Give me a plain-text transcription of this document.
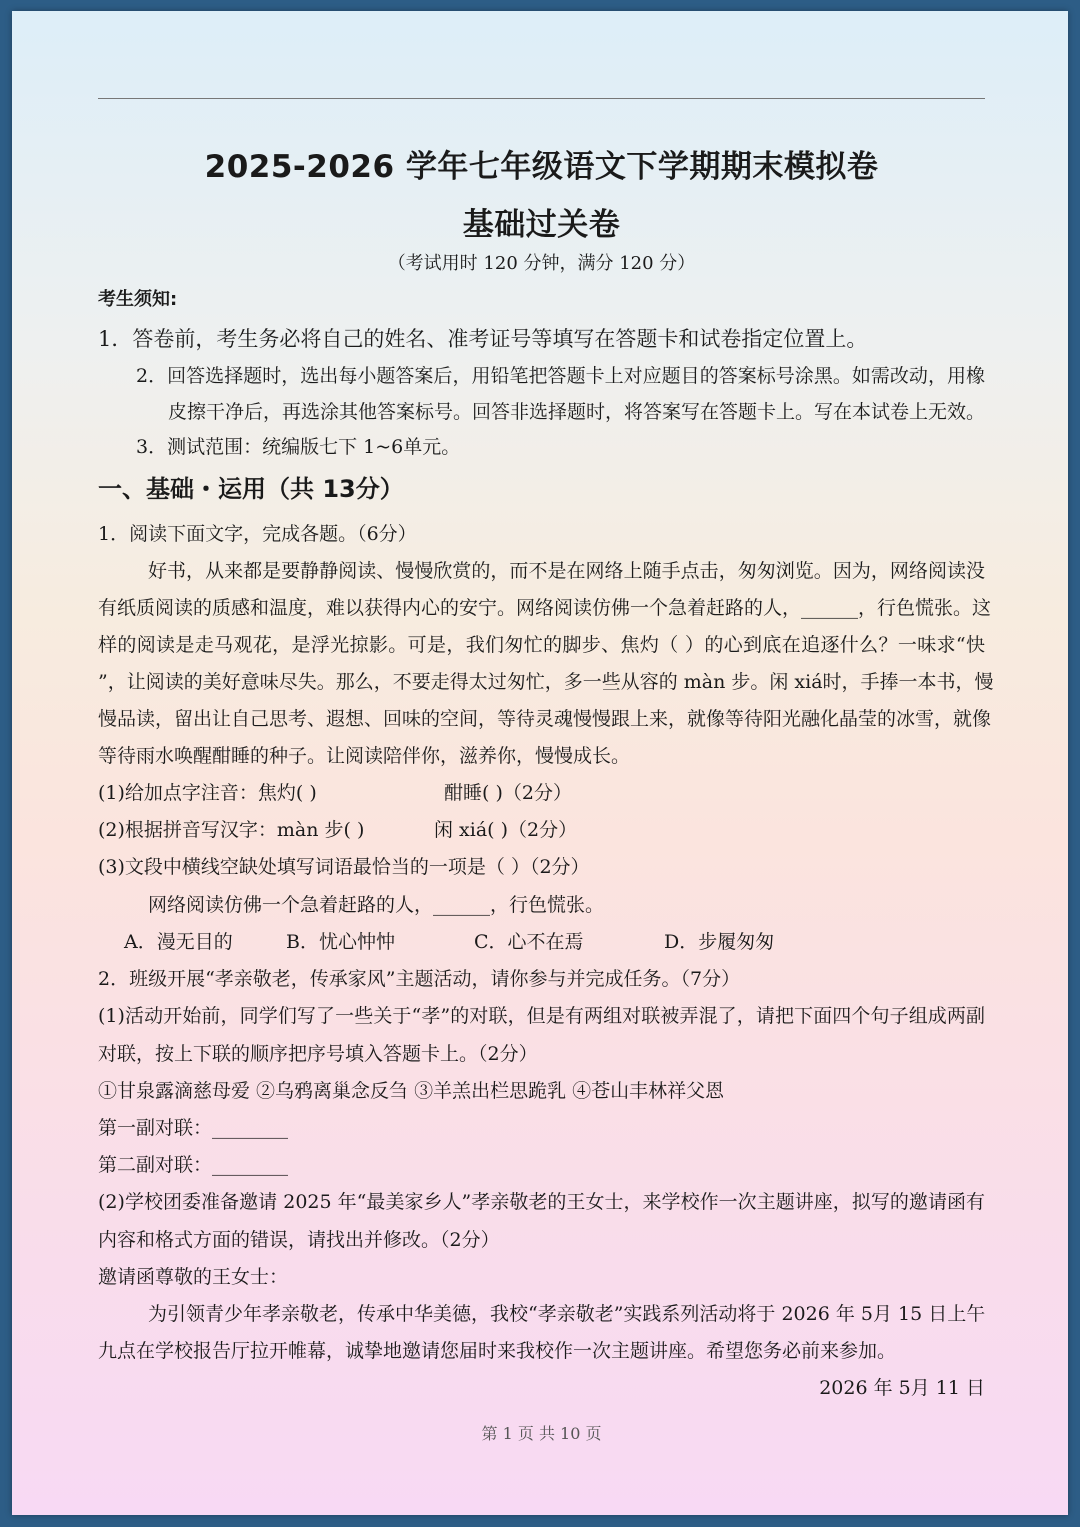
2025-2026 学年七年级语文下学期期末模拟卷
基础过关卷
（考试用时 120 分钟，满分 120 分）
考生须知:
1．答卷前，考生务必将自己的姓名、准考证号等填写在答题卡和试卷指定位置上。
2．回答选择题时，选出每小题答案后，用铅笔把答题卡上对应题目的答案标号涂黑。如需改动，用橡
皮擦干净后，再选涂其他答案标号。回答非选择题时，将答案写在答题卡上。写在本试卷上无效。
3．测试范围：统编版七下 1~6单元。
一、基础・运用（共 13分）
1．阅读下面文字，完成各题。（6分）
好书，从来都是要静静阅读、慢慢欣赏的，而不是在网络上随手点击，匆匆浏览。因为，网络阅读没
有纸质阅读的质感和温度，难以获得内心的安宁。网络阅读仿佛一个急着赶路的人，______，行色慌张。这
样的阅读是走马观花，是浮光掠影。可是，我们匆忙的脚步、焦灼（ ）的心到底在追逐什么？一味求“快
”，让阅读的美好意味尽失。那么，不要走得太过匆忙，多一些从容的 màn 步。闲 xiá时，手捧一本书，慢
慢品读，留出让自己思考、遐想、回味的空间，等待灵魂慢慢跟上来，就像等待阳光融化晶莹的冰雪，就像
等待雨水唤醒酣睡的种子。让阅读陪伴你，滋养你，慢慢成长。
(1)给加点字注音：焦灼( )	酣睡( )（2分）
(2)根据拼音写汉字：màn 步( )	闲 xiá( )（2分）
(3)文段中横线空缺处填写词语最恰当的一项是（ ）（2分）
网络阅读仿佛一个急着赶路的人，______，行色慌张。
A．漫无目的	B．忧心忡忡	C．心不在焉	D．步履匆匆
2．班级开展“孝亲敬老，传承家风”主题活动，请你参与并完成任务。（7分）
(1)活动开始前，同学们写了一些关于“孝”的对联，但是有两组对联被弄混了，请把下面四个句子组成两副
对联，按上下联的顺序把序号填入答题卡上。（2分）
①甘泉露滴慈母爱 ②乌鸦离巢念反刍 ③羊羔出栏思跪乳 ④苍山丰林祥父恩
第一副对联：________
第二副对联：________
(2)学校团委准备邀请 2025 年“最美家乡人”孝亲敬老的王女士，来学校作一次主题讲座，拟写的邀请函有
内容和格式方面的错误，请找出并修改。（2分）
邀请函尊敬的王女士：
为引领青少年孝亲敬老，传承中华美德，我校“孝亲敬老”实践系列活动将于 2026 年 5月 15 日上午
九点在学校报告厅拉开帷幕，诚挚地邀请您届时来我校作一次主题讲座。希望您务必前来参加。
2026 年 5月 11 日
第 1 页 共 10 页
